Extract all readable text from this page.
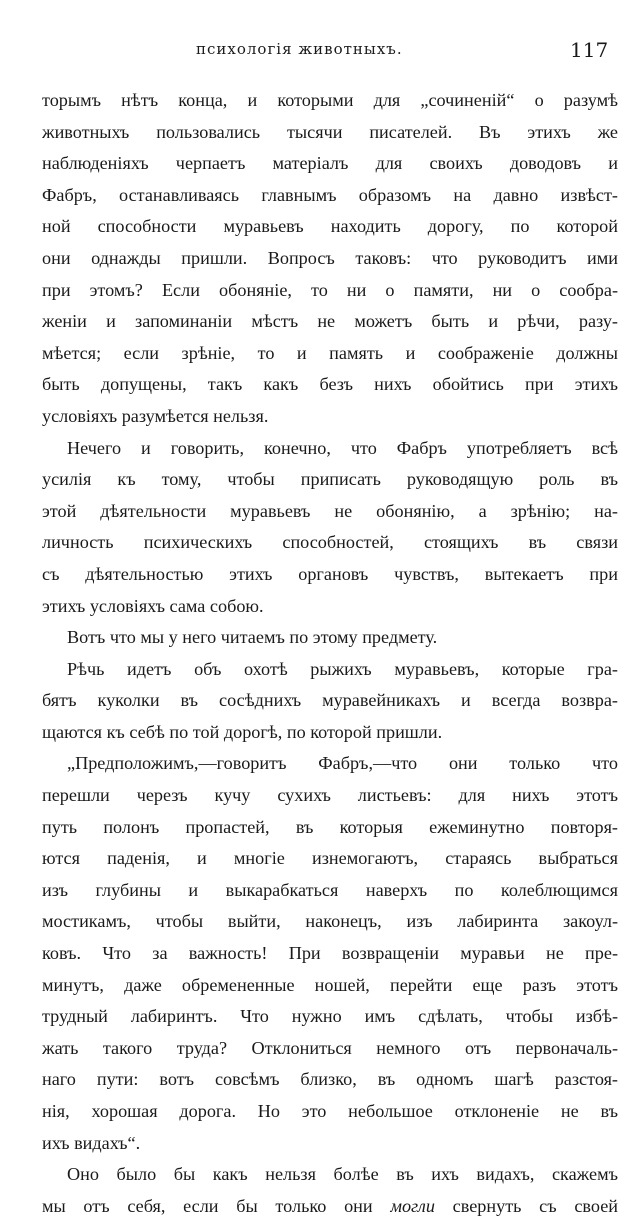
психологія животныхъ.	117
торымъ нѣтъ конца, и которыми для „сочиненій“ о разумѣ
животныхъ пользовались тысячи писателей. Въ этихъ же
наблюденіяхъ черпаетъ матеріалъ для своихъ доводовъ и
Фабръ, останавливаясь главнымъ образомъ на давно извѣст-
ной способности муравьевъ находить дорогу, по которой
они однажды пришли. Вопросъ таковъ: что руководитъ ими
при этомъ? Если обоняніе, то ни о памяти, ни о сообра-
женіи и запоминаніи мѣстъ не можетъ быть и рѣчи, разу-
мѣется; если зрѣніе, то и память и соображеніе должны
быть допущены, такъ какъ безъ нихъ обойтись при этихъ
условіяхъ разумѣется нельзя.
Нечего и говорить, конечно, что Фабръ употребляетъ всѣ
усилія къ тому, чтобы приписать руководящую роль въ
этой дѣятельности муравьевъ не обонянію, а зрѣнію; на-
личность психическихъ способностей, стоящихъ въ связи
съ дѣятельностью этихъ органовъ чувствъ, вытекаетъ при
этихъ условіяхъ сама собою.
Вотъ что мы у него читаемъ по этому предмету.
Рѣчь идетъ объ охотѣ рыжихъ муравьевъ, которые гра-
бятъ куколки въ сосѣднихъ муравейникахъ и всегда возвра-
щаются къ себѣ по той дорогѣ, по которой пришли.
„Предположимъ,—говоритъ Фабръ,—что они только что
перешли черезъ кучу сухихъ листьевъ: для нихъ этотъ
путь полонъ пропастей, въ которыя ежеминутно повторя-
ются паденія, и многіе изнемогаютъ, стараясь выбраться
изъ глубины и выкарабкаться наверхъ по колеблющимся
мостикамъ, чтобы выйти, наконецъ, изъ лабиринта закоул-
ковъ. Что за важность! При возвращеніи муравьи не пре-
минутъ, даже обремененные ношей, перейти еще разъ этотъ
трудный лабиринтъ. Что нужно имъ сдѣлать, чтобы избѣ-
жать такого труда? Отклониться немного отъ первоначаль-
наго пути: вотъ совсѣмъ близко, въ одномъ шагѣ разстоя-
нія, хорошая дорога. Но это небольшое отклоненіе не въ
ихъ видахъ“.
Оно было бы какъ нельзя болѣе въ ихъ видахъ, скажемъ
мы отъ себя, если бы только они могли свернуть съ своей
